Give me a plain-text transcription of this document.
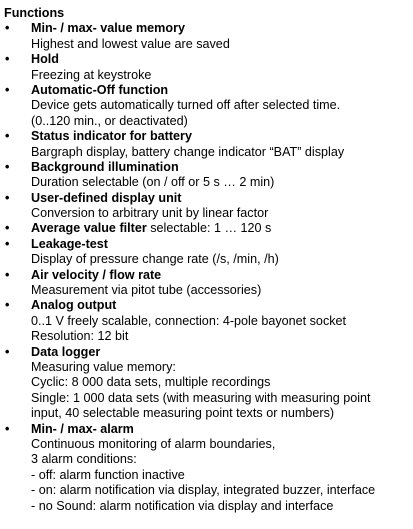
Functions
• Min- / max- value memory
Highest and lowest value are saved
• Hold
Freezing at keystroke
• Automatic-Off function
Device gets automatically turned off after selected time.
(0..120 min., or deactivated)
• Status indicator for battery
Bargraph display, battery change indicator “BAT” display
• Background illumination
Duration selectable (on / off or 5 s … 2 min)
• User-defined display unit
Conversion to arbitrary unit by linear factor
• Average value filter selectable: 1 … 120 s
• Leakage-test
Display of pressure change rate (/s, /min, /h)
• Air velocity / flow rate
Measurement via pitot tube (accessories)
• Analog output
0..1 V freely scalable, connection: 4-pole bayonet socket
Resolution: 12 bit
• Data logger
Measuring value memory:
Cyclic: 8 000 data sets, multiple recordings
Single: 1 000 data sets (with measuring with measuring point
input, 40 selectable measuring point texts or numbers)
• Min- / max- alarm
Continuous monitoring of alarm boundaries,
3 alarm conditions:
- off: alarm function inactive
- on: alarm notification via display, integrated buzzer, interface
- no Sound: alarm notification via display and interface
